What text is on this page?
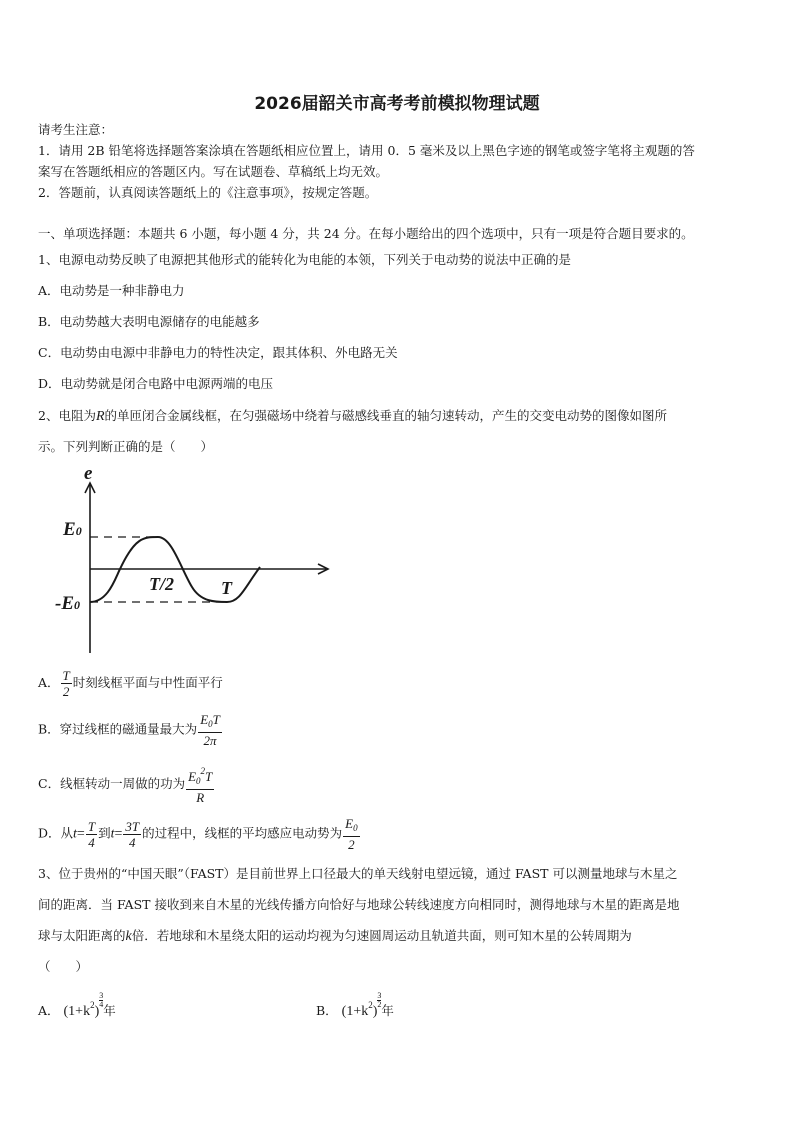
2026届韶关市高考考前模拟物理试题
请考生注意：
1．请用 2B 铅笔将选择题答案涂填在答题纸相应位置上，请用 0．5 毫米及以上黑色字迹的钢笔或签字笔将主观题的答
案写在答题纸相应的答题区内。写在试题卷、草稿纸上均无效。
2．答题前，认真阅读答题纸上的《注意事项》，按规定答题。
一、单项选择题：本题共 6 小题，每小题 4 分，共 24 分。在每小题给出的四个选项中，只有一项是符合题目要求的。
1、电源电动势反映了电源把其他形式的能转化为电能的本领，下列关于电动势的说法中正确的是
A．电动势是一种非静电力
B．电动势越大表明电源储存的电能越多
C．电动势由电源中非静电力的特性决定，跟其体积、外电路无关
D．电动势就是闭合电路中电源两端的电压
2、电阻为R的单匝闭合金属线框，在匀强磁场中绕着与磁感线垂直的轴匀速转动，产生的交变电动势的图像如图所
示。下列判断正确的是（　　）
e
E0
-E0
T/2	T
A． $\frac{T}{2}$ 时刻线框平面与中性面平行
B．穿过线框的磁通量最大为 $\frac{E_0T}{2\pi}$
C．线框转动一周做的功为 $\frac{E_0^2T}{R}$
D．从$t= \frac{T}{4}$ 到$t= \frac{3T}{4}$ 的过程中，线框的平均感应电动势为 $\frac{E_0}{2}$
3、位于贵州的“中国天眼”（FAST）是目前世界上口径最大的单天线射电望远镜，通过 FAST 可以测量地球与木星之
间的距离．当 FAST 接收到来自木星的光线传播方向恰好与地球公转线速度方向相同时，测得地球与木星的距离是地
球与太阳距离的k倍．若地球和木星绕太阳的运动均视为匀速圆周运动且轨道共面，则可知木星的公转周期为
（　　）
A． $(1+k^2)$
$\frac{3}{4}$
年	B． $(1+k^2)$
$\frac{3}{2}$
年
